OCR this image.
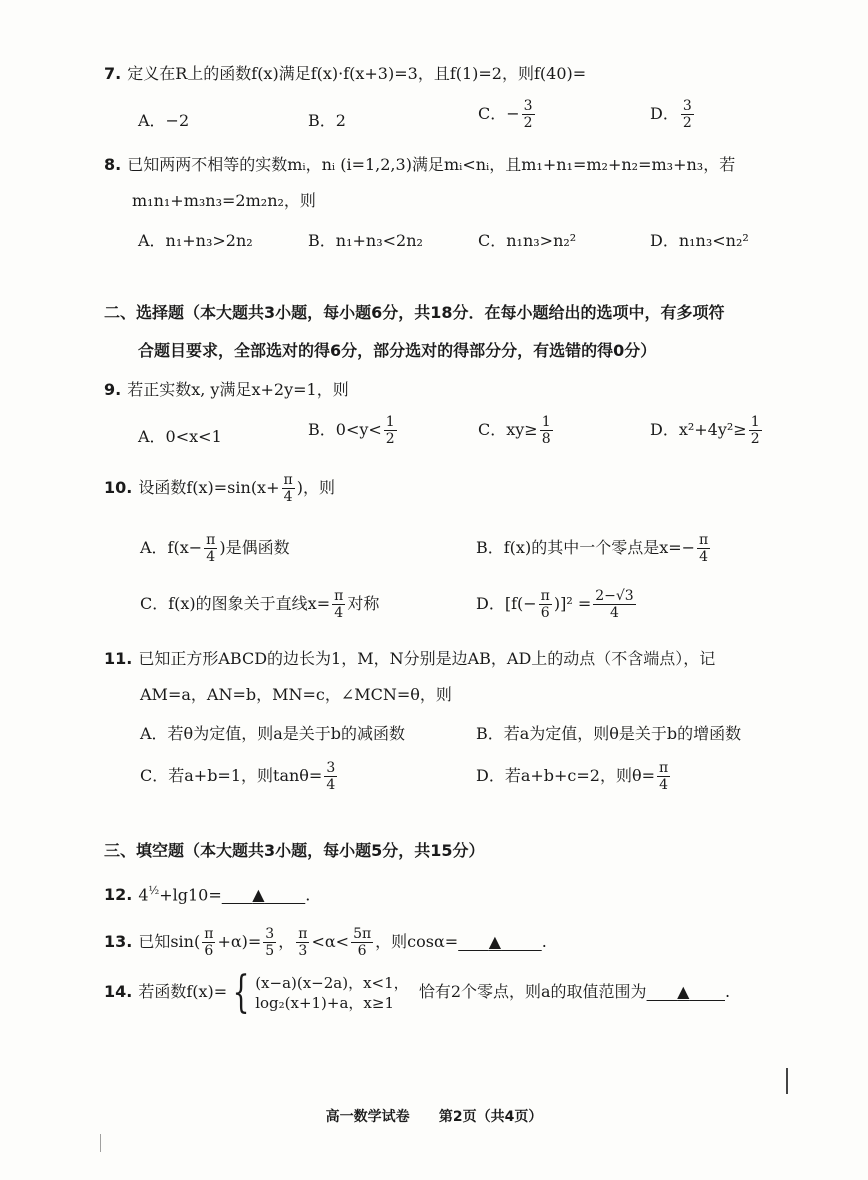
7. 定义在R上的函数f(x)满足f(x)·f(x+3)=3，且f(1)=2，则f(40)=
A．−2	B．2	C．− $\frac{3}{2}$	D． $\frac{3}{2}$
8. 已知两两不相等的实数mᵢ，nᵢ (i=1,2,3)满足mᵢ<nᵢ，且m₁+n₁=m₂+n₂=m₃+n₃，若
m₁n₁+m₃n₃=2m₂n₂，则
A．n₁+n₃>2n₂	B．n₁+n₃<2n₂	C．n₁n₃>n₂²	D．n₁n₃<n₂²
二、选择题（本大题共3小题，每小题6分，共18分．在每小题给出的选项中，有多项符
合题目要求，全部选对的得6分，部分选对的得部分分，有选错的得0分）
9. 若正实数x, y满足x+2y=1，则
A．0<x<1	B．$0<y< \frac{1}{2}$	C．$xy\ge \frac{1}{8}$	D．$x^2+4y^2\ge \frac{1}{2}$
10. 设函数$f(x)=\sin(x+ \frac{\pi}{4}$ )，则
A．$f(x- \frac{\pi}{4}$ )是偶函数	B．f(x)的其中一个零点是$x=- \frac{\pi}{4}$
C．f(x)的图象关于直线$x= \frac{\pi}{4}$ 对称	D．$[f(- \frac{\pi}{6} )]^2 = \frac{2-√3}{4}$
11. 已知正方形ABCD的边长为1，M，N分别是边AB，AD上的动点（不含端点），记
AM=a，AN=b，MN=c，∠MCN=θ，则
A．若θ为定值，则a是关于b的减函数	B．若a为定值，则θ是关于b的增函数
C．若a+b=1，则$\tan\theta= \frac{3}{4}$	D．若a+b+c=2，则$\theta= \frac{\pi}{4}$
三、填空题（本大题共3小题，每小题5分，共15分）
12. $4^{\frac{1}{2}}+\lg 10=$ ▲	.
13. 已知$\sin( \frac{\pi}{6} +\alpha)= \frac{3}{5}$ ， $\frac{\pi}{3} <\alpha< \frac{5\pi}{6}$ ，则cosα= ▲	.
14. 若函数f(x)= { (x−a)(x−2a)，x<1，
log₂(x+1)+a，x≥1
恰有2个零点，则a的取值范围为 ▲ .
高一数学试卷 第2页（共4页）
